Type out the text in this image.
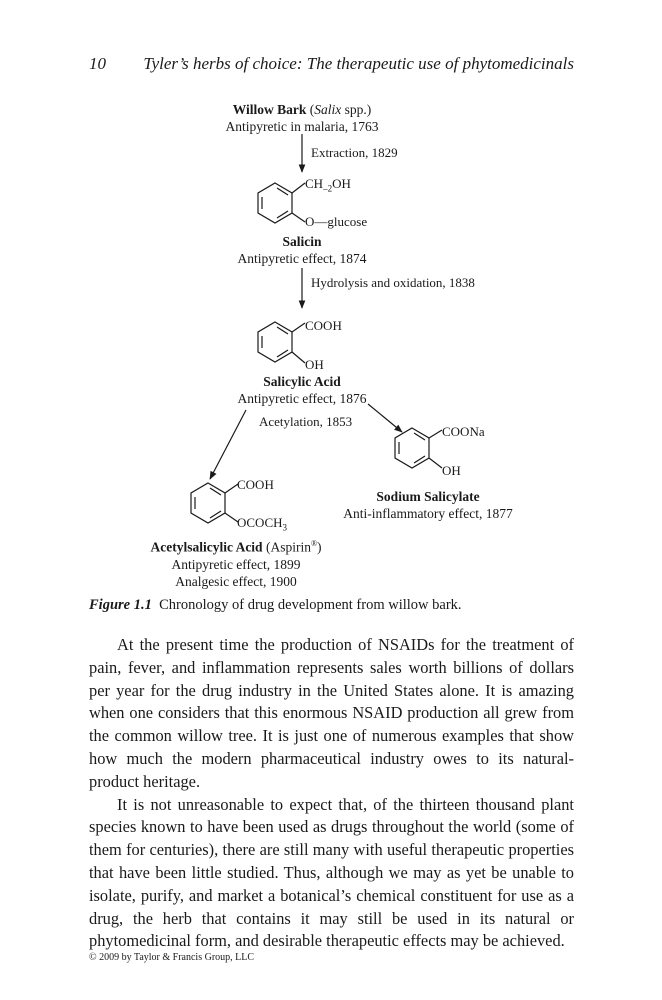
10 Tyler’s herbs of choice: The therapeutic use of phytomedicinals
Willow Bark (Salix spp.)
Antipyretic in malaria, 1763
Extraction, 1829
$CH_{-2}OH$
O—glucose
Salicin
Antipyretic effect, 1874
Hydrolysis and oxidation, 1838
COOH
OH
Salicylic Acid
Antipyretic effect, 1876
Acetylation, 1853
COONa
OH
Sodium Salicylate
Anti-inflammatory effect, 1877
COOH
$OCOCH_3$
Acetylsalicylic Acid (Aspirin®)
Antipyretic effect, 1899
Analgesic effect, 1900
Figure 1.1  Chronology of drug development from willow bark.

At the present time the production of NSAIDs for the treatment of pain, fever, and inflammation represents sales worth billions of dollars per year for the drug industry in the United States alone. It is amazing when one considers that this enormous NSAID production all grew from the common willow tree. It is just one of numerous examples that show how much the modern pharmaceutical industry owes to its natural-product heritage.

It is not unreasonable to expect that, of the thirteen thousand plant species known to have been used as drugs throughout the world (some of them for centuries), there are still many with useful therapeutic properties that have been little studied. Thus, although we may as yet be unable to isolate, purify, and market a botanical’s chemical constituent for use as a drug, the herb that contains it may still be used in its natural or phytomedicinal form, and desirable therapeutic effects may be achieved.

© 2009 by Taylor & Francis Group, LLC
